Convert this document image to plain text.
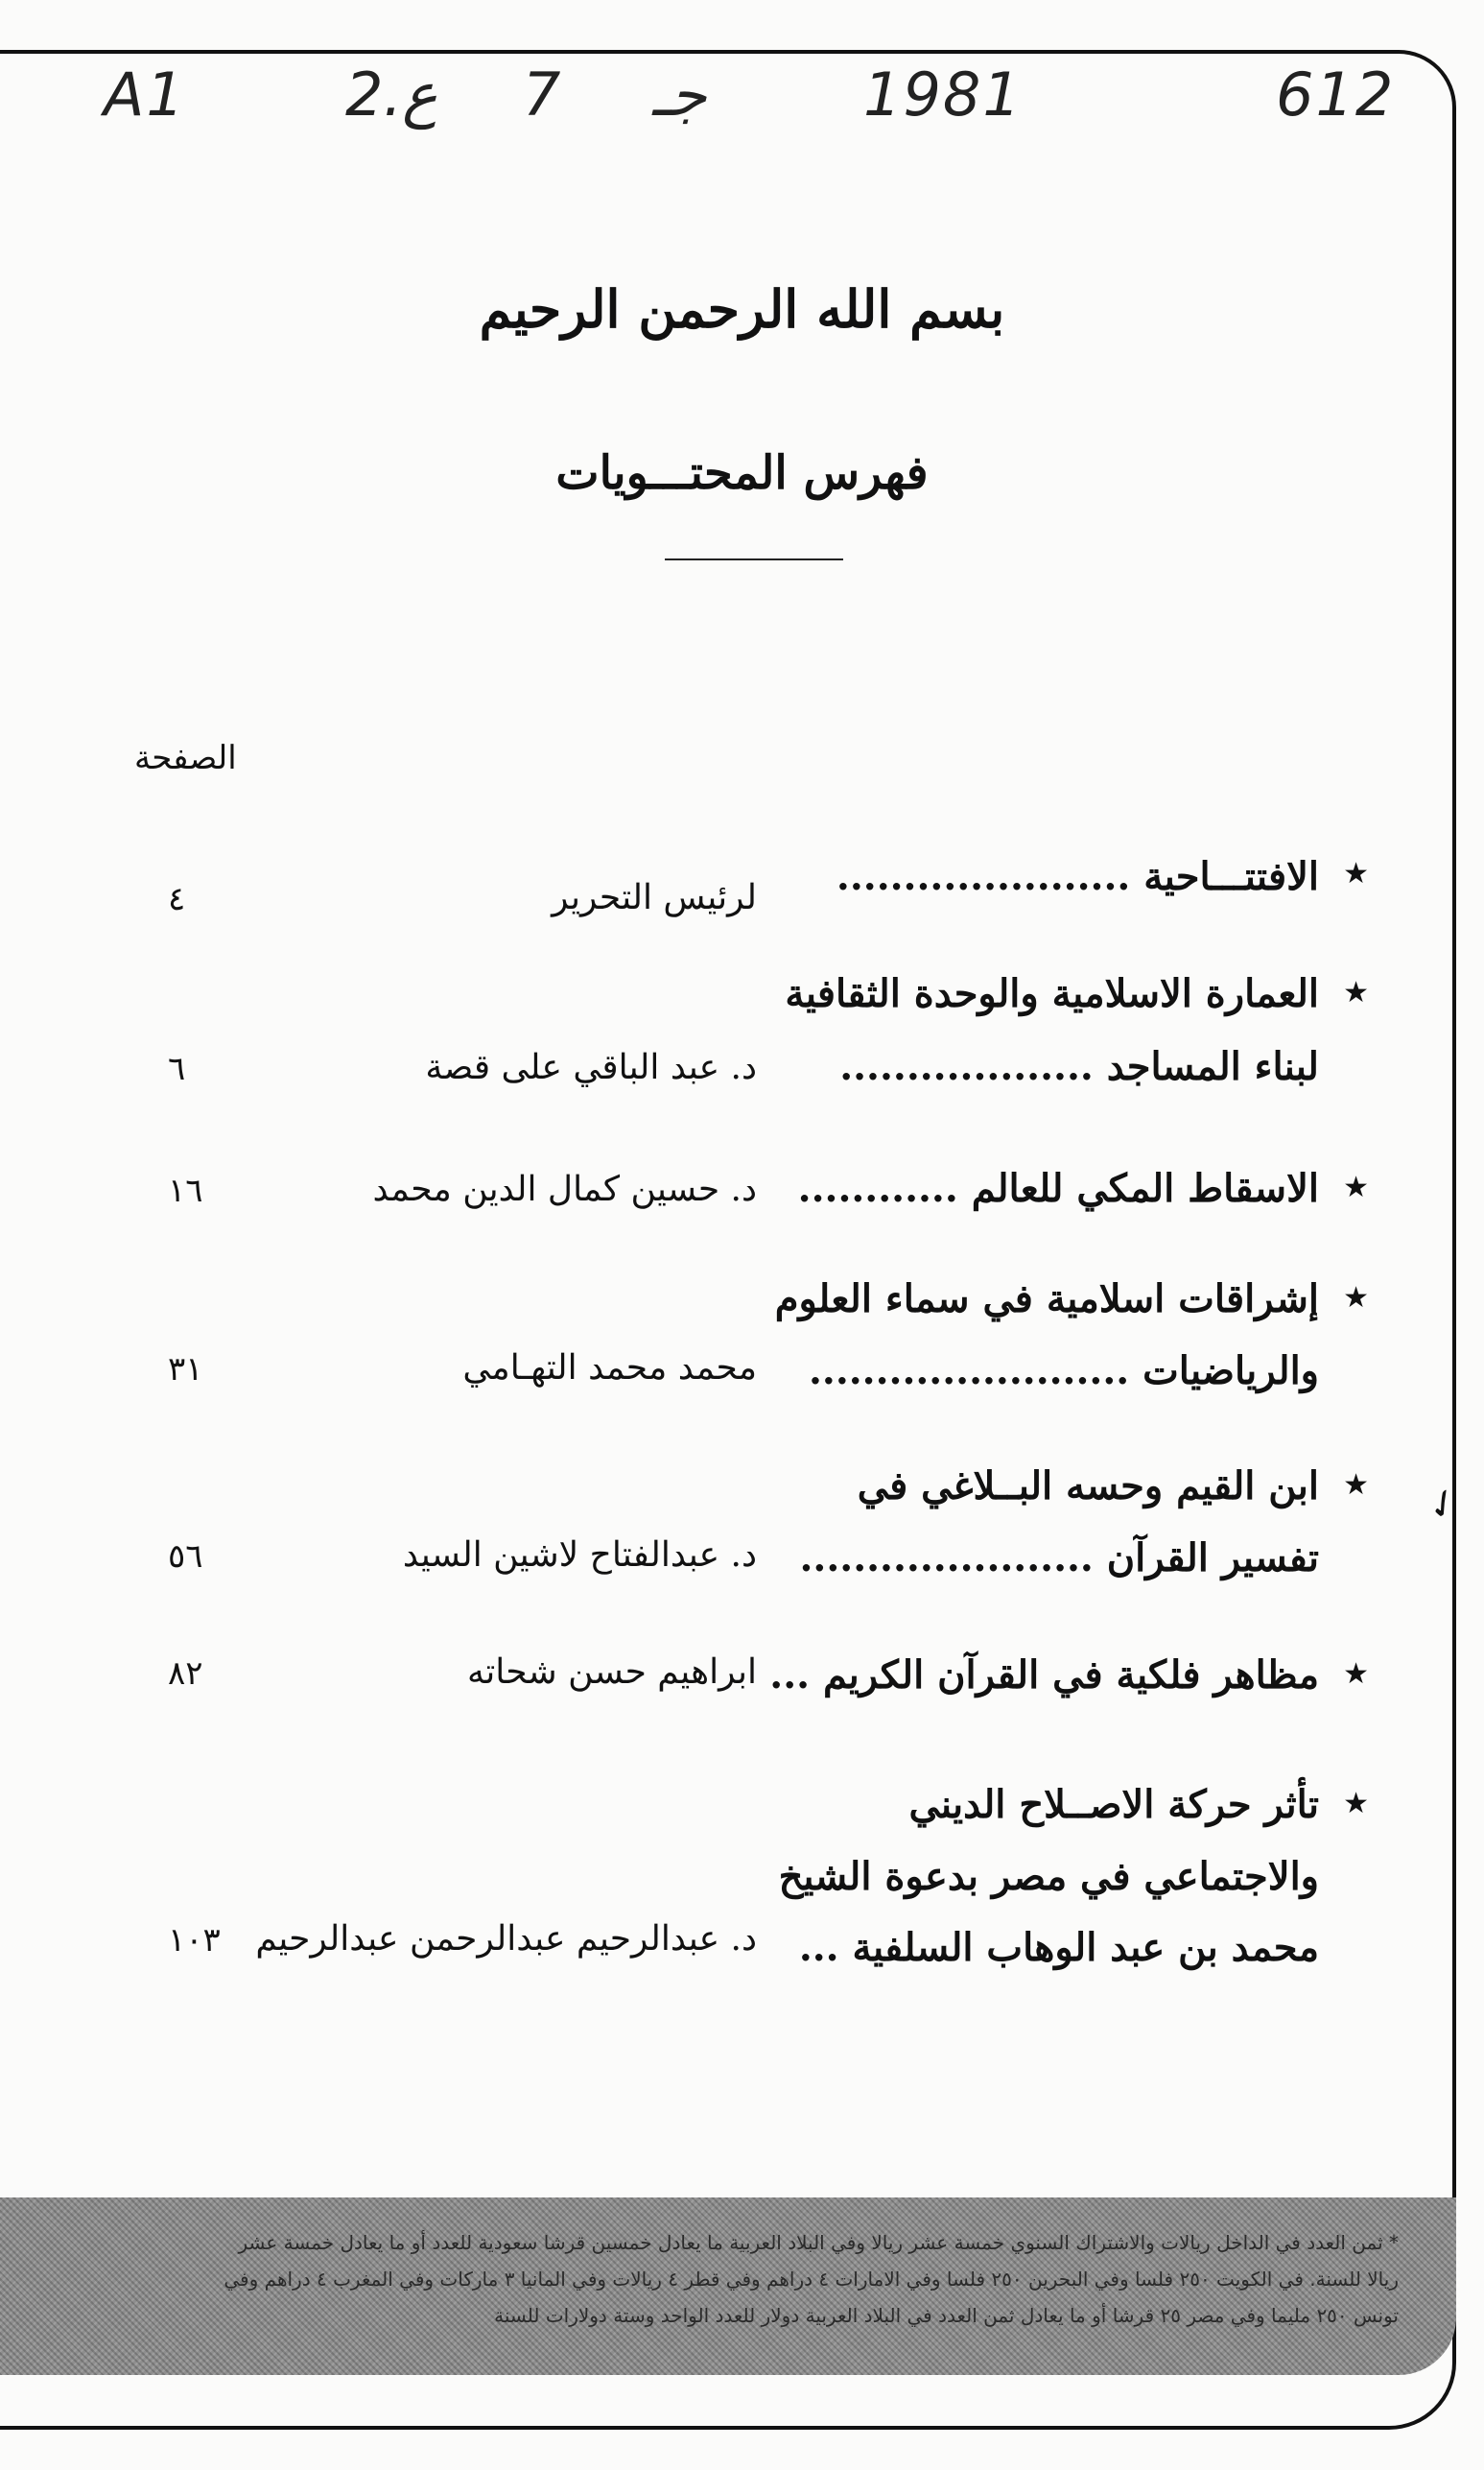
A1	2.ع 7 جـ	1981	612
بسم الله الرحمن الرحيم
فهرس المحتـــويات
الصفحة
★
الافتتـــاحية ......................
لرئيس التحرير
٤
★
العمارة الاسلامية والوحدة الثقافية
لبناء المساجد ...................
د. عبد الباقي على قصة
٦
★
الاسقاط المكي للعالم ............
د. حسين كمال الدين محمد
١٦
★
إشراقات اسلامية في سماء العلوم
والرياضيات ........................
محمد محمد التهـامي
٣١
★
ابن القيم وحسه البــلاغي في
تفسير القرآن ......................
د. عبدالفتاح لاشين السيد
٥٦
✓
★
مظاهر فلكية في القرآن الكريم ...
ابراهيم حسن شحاته
٨٢
★
تأثر حركة الاصــلاح الديني
والاجتماعي في مصر بدعوة الشيخ
محمد بن عبد الوهاب السلفية ...
د. عبدالرحيم عبدالرحمن عبدالرحيم
١٠٣
* ثمن العدد في الداخل ريالات والاشتراك السنوي خمسة عشر ريالا وفي البلاد العربية ما يعادل خمسين قرشا سعودية للعدد أو ما يعادل خمسة عشر
ريالا للسنة. في الكويت ٢٥٠ فلسا وفي البحرين ٢٥٠ فلسا وفي الامارات ٤ دراهم وفي قطر ٤ ريالات وفي المانيا ٣ ماركات وفي المغرب ٤ دراهم وفي
تونس ٢٥٠ مليما وفي مصر ٢٥ قرشا أو ما يعادل ثمن العدد في البلاد العربية دولار للعدد الواحد وستة دولارات للسنة
